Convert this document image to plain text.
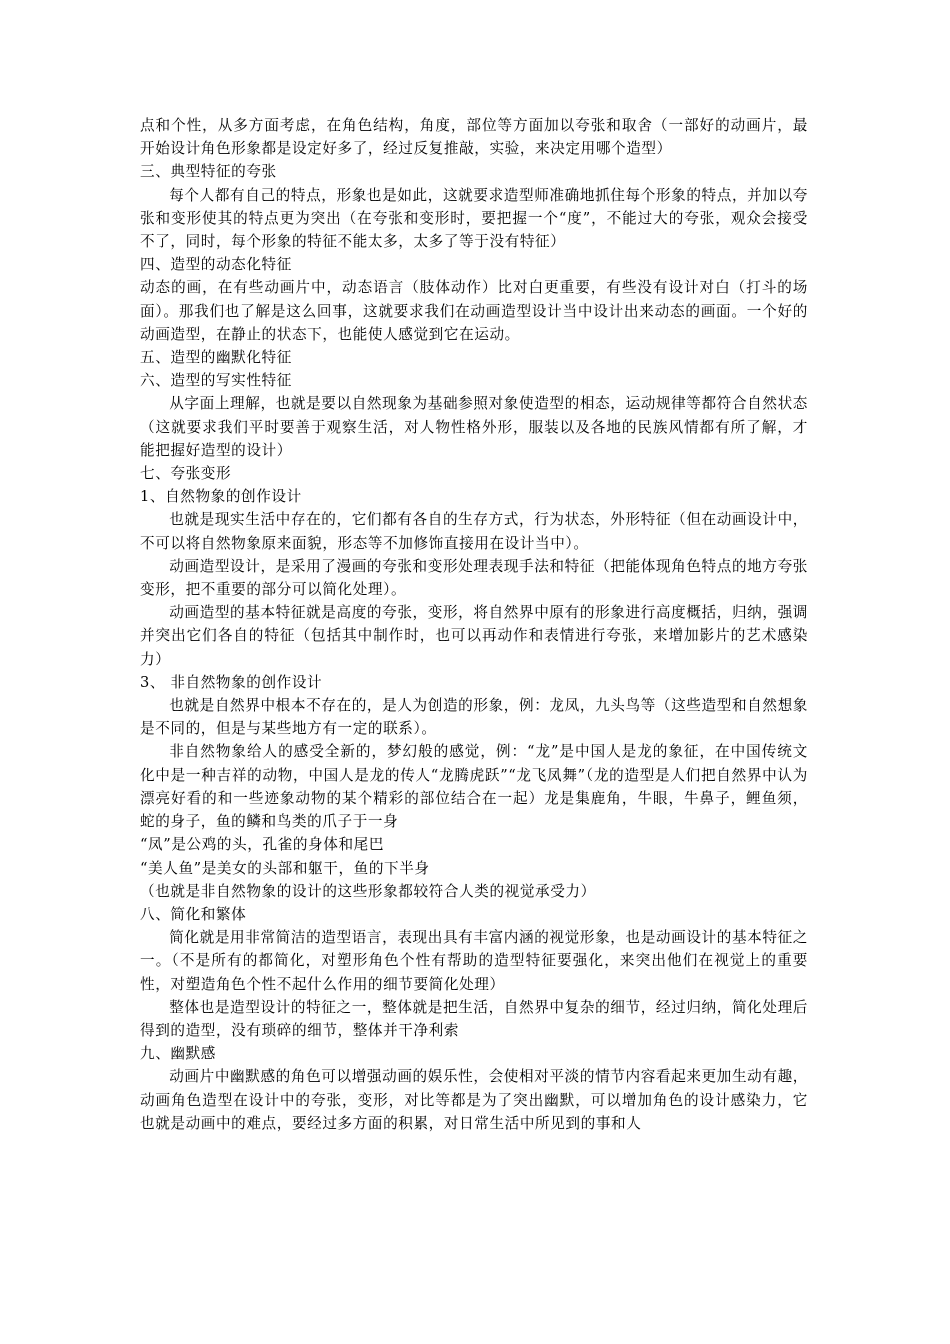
点和个性，从多方面考虑，在角色结构，角度，部位等方面加以夸张和取舍（一部好的动画片，最开始设计角色形象都是设定好多了，经过反复推敲，实验，来决定用哪个造型）

三、典型特征的夸张

每个人都有自己的特点，形象也是如此，这就要求造型师准确地抓住每个形象的特点，并加以夸张和变形使其的特点更为突出（在夸张和变形时，要把握一个“度”，不能过大的夸张，观众会接受不了，同时，每个形象的特征不能太多，太多了等于没有特征）

四、造型的动态化特征

动态的画，在有些动画片中，动态语言（肢体动作）比对白更重要，有些没有设计对白（打斗的场面）。那我们也了解是这么回事，这就要求我们在动画造型设计当中设计出来动态的画面。一个好的动画造型，在静止的状态下，也能使人感觉到它在运动。

五、造型的幽默化特征

六、造型的写实性特征

从字面上理解，也就是要以自然现象为基础参照对象使造型的相态，运动规律等都符合自然状态（这就要求我们平时要善于观察生活，对人物性格外形，服装以及各地的民族风情都有所了解，才能把握好造型的设计）

七、夸张变形

1、自然物象的创作设计

也就是现实生活中存在的，它们都有各自的生存方式，行为状态，外形特征（但在动画设计中，不可以将自然物象原来面貌，形态等不加修饰直接用在设计当中）。

动画造型设计，是采用了漫画的夸张和变形处理表现手法和特征（把能体现角色特点的地方夸张变形，把不重要的部分可以简化处理）。

动画造型的基本特征就是高度的夸张，变形，将自然界中原有的形象进行高度概括，归纳，强调并突出它们各自的特征（包括其中制作时，也可以再动作和表情进行夸张，来增加影片的艺术感染力）

3、 非自然物象的创作设计

也就是自然界中根本不存在的，是人为创造的形象，例：龙凤，九头鸟等（这些造型和自然想象是不同的，但是与某些地方有一定的联系）。

非自然物象给人的感受全新的，梦幻般的感觉，例：“龙”是中国人是龙的象征，在中国传统文化中是一种吉祥的动物，中国人是龙的传人“龙腾虎跃”“龙飞凤舞”（龙的造型是人们把自然界中认为漂亮好看的和一些迹象动物的某个精彩的部位结合在一起）龙是集鹿角，牛眼，牛鼻子，鲤鱼须，蛇的身子，鱼的鳞和鸟类的爪子于一身

“凤”是公鸡的头，孔雀的身体和尾巴

“美人鱼”是美女的头部和躯干，鱼的下半身

（也就是非自然物象的设计的这些形象都较符合人类的视觉承受力）

八、简化和繁体

简化就是用非常简洁的造型语言，表现出具有丰富内涵的视觉形象，也是动画设计的基本特征之一。（不是所有的都简化，对塑形角色个性有帮助的造型特征要强化，来突出他们在视觉上的重要性，对塑造角色个性不起什么作用的细节要简化处理）

整体也是造型设计的特征之一，整体就是把生活，自然界中复杂的细节，经过归纳，简化处理后得到的造型，没有琐碎的细节，整体并干净利索

九、幽默感

动画片中幽默感的角色可以增强动画的娱乐性，会使相对平淡的情节内容看起来更加生动有趣，动画角色造型在设计中的夸张，变形，对比等都是为了突出幽默，可以增加角色的设计感染力，它也就是动画中的难点，要经过多方面的积累，对日常生活中所见到的事和人
